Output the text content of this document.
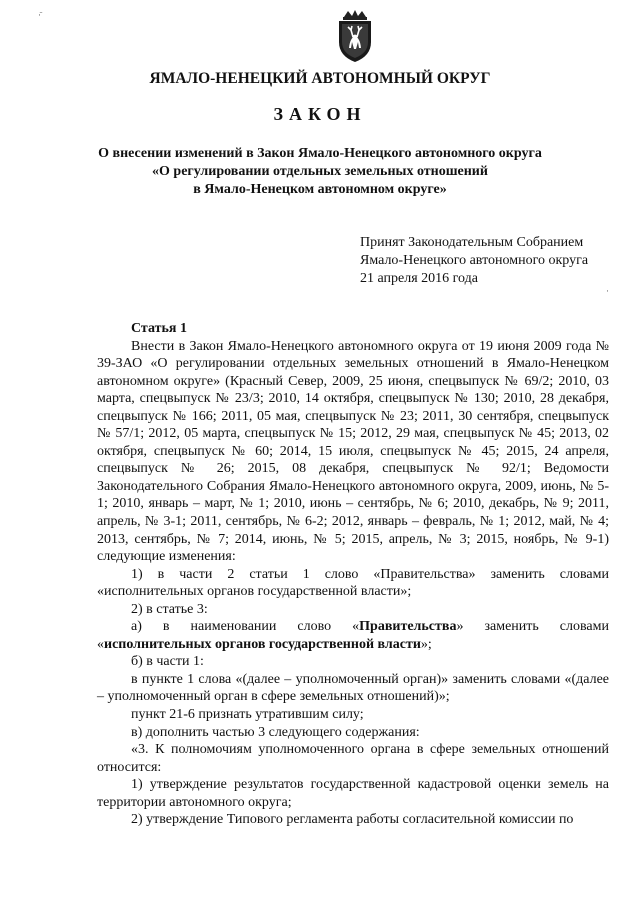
·̈
·
ЯМАЛО-НЕНЕЦКИЙ АВТОНОМНЫЙ ОКРУГ
ЗАКОН
О внесении изменений в Закон Ямало-Ненецкого автономного округа
«О регулировании отдельных земельных отношений
в Ямало-Ненецком автономном округе»
Принят Законодательным Собранием
Ямало-Ненецкого автономного округа
21 апреля 2016 года

Статья 1

Внести в Закон Ямало-Ненецкого автономного округа от 19 июня 2009 года № 39-ЗАО «О регулировании отдельных земельных отношений в Ямало-Ненецком автономном округе» (Красный Север, 2009, 25 июня, спецвыпуск № 69/2; 2010, 03 марта, спецвыпуск № 23/3; 2010, 14 октября, спецвыпуск № 130; 2010, 28 декабря, спецвыпуск № 166; 2011, 05 мая, спецвыпуск № 23; 2011, 30 сентября, спецвыпуск № 57/1; 2012, 05 марта, спецвыпуск № 15; 2012, 29 мая, спецвыпуск № 45; 2013, 02 октября, спецвыпуск № 60; 2014, 15 июля, спецвыпуск № 45; 2015, 24 апреля, спецвыпуск № 26; 2015, 08 декабря, спецвыпуск № 92/1; Ведомости Законодательного Собрания Ямало-Ненецкого автономного округа, 2009, июнь, № 5-1; 2010, январь – март, № 1; 2010, июнь – сентябрь, № 6; 2010, декабрь, № 9; 2011, апрель, № 3-1; 2011, сентябрь, № 6-2; 2012, январь – февраль, № 1; 2012, май, № 4; 2013, сентябрь, № 7; 2014, июнь, № 5; 2015, апрель, № 3; 2015, ноябрь, № 9-1) следующие изменения:

1) в части 2 статьи 1 слово «Правительства» заменить словами «исполнительных органов государственной власти»;

2) в статье 3:

а) в наименовании слово «Правительства» заменить словами «исполнительных органов государственной власти»;

б) в части 1:

в пункте 1 слова «(далее – уполномоченный орган)» заменить словами «(далее – уполномоченный орган в сфере земельных отношений)»;

пункт 21-6 признать утратившим силу;

в) дополнить частью 3 следующего содержания:

«3. К полномочиям уполномоченного органа в сфере земельных отношений относится:

1) утверждение результатов государственной кадастровой оценки земель на территории автономного округа;

2) утверждение Типового регламента работы согласительной комиссии по
